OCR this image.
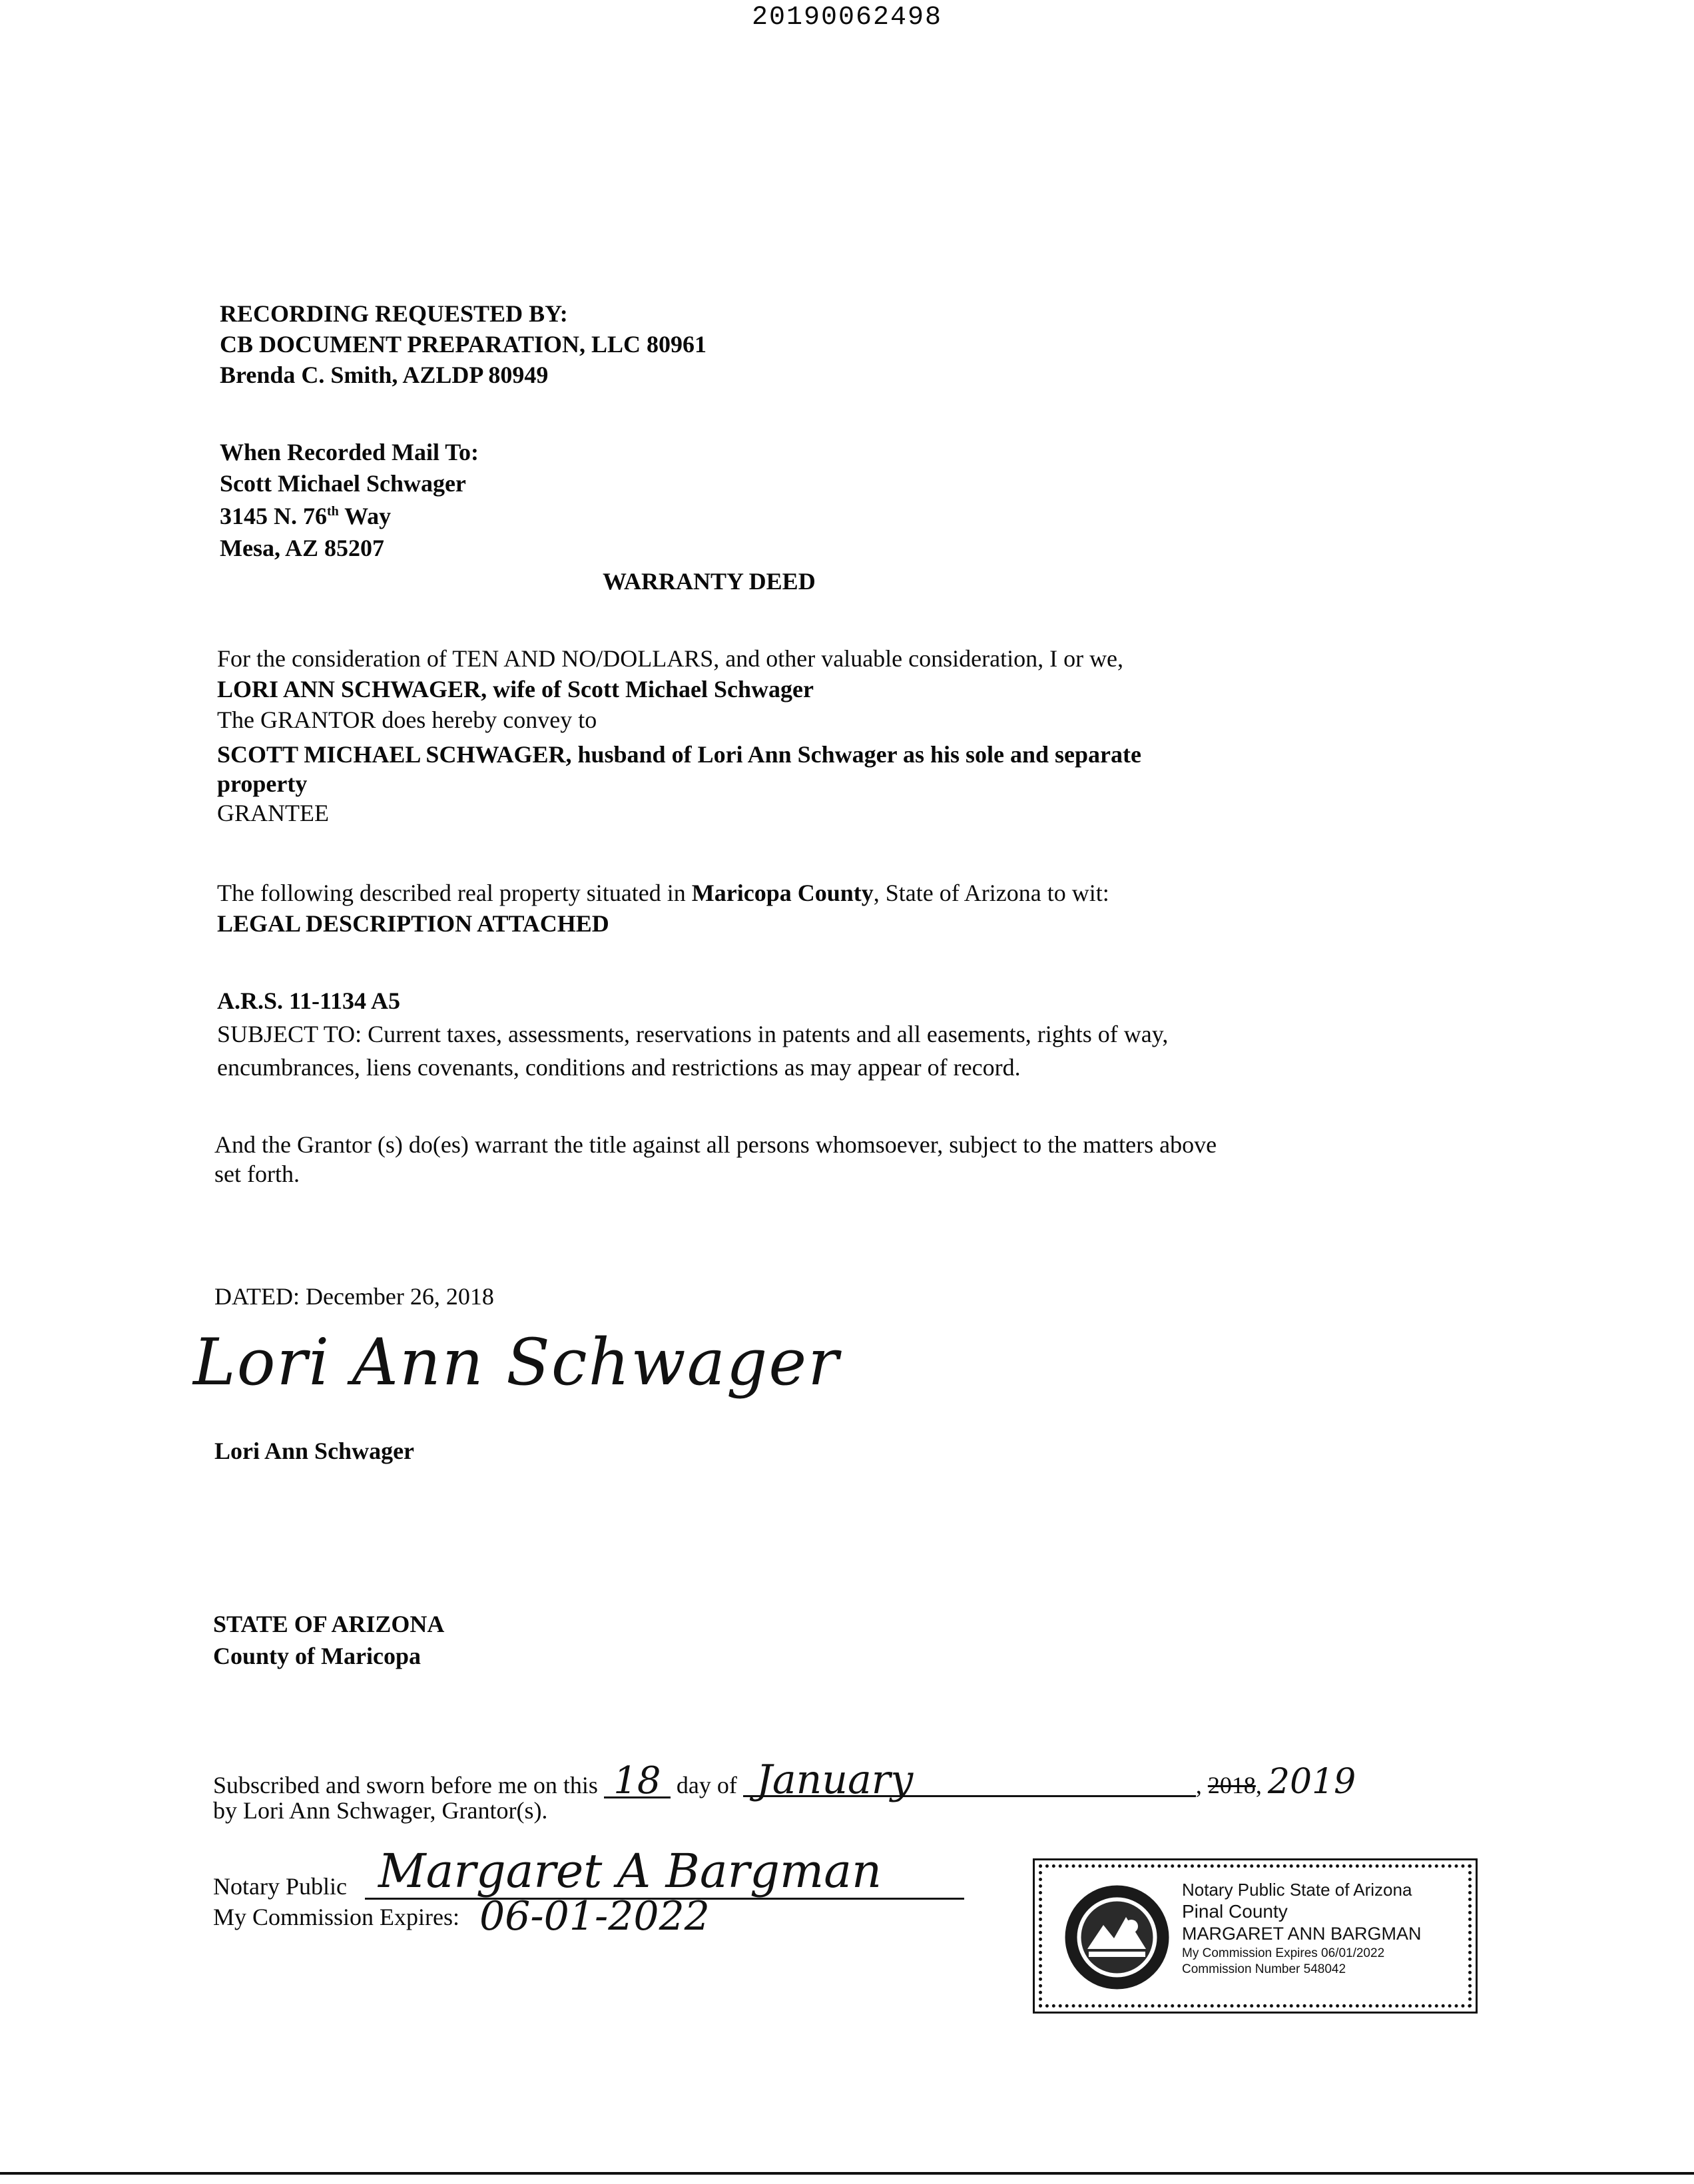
20190062498
RECORDING REQUESTED BY:
CB DOCUMENT PREPARATION, LLC 80961
Brenda C. Smith, AZLDP 80949
When Recorded Mail To:
Scott Michael Schwager
3145 N. 76th Way
Mesa, AZ 85207
WARRANTY DEED
For the consideration of TEN AND NO/DOLLARS, and other valuable consideration, I or we,
LORI ANN SCHWAGER, wife of Scott Michael Schwager
The GRANTOR does hereby convey to
SCOTT MICHAEL SCHWAGER, husband of Lori Ann Schwager as his sole and separate
property
GRANTEE
The following described real property situated in Maricopa County, State of Arizona to wit:
LEGAL DESCRIPTION ATTACHED
A.R.S. 11-1134 A5
SUBJECT TO: Current taxes, assessments, reservations in patents and all easements, rights of way,
encumbrances, liens covenants, conditions and restrictions as may appear of record.
And the Grantor (s) do(es) warrant the title against all persons whomsoever, subject to the matters above
set forth.
DATED: December 26, 2018
Lori Ann Schwager
Lori Ann Schwager
STATE OF ARIZONA
County of Maricopa
Subscribed and sworn before me on this 18 day of January	, 2018, 2019
by Lori Ann Schwager, Grantor(s).
Notary Public Margaret A Bargman
My Commission Expires: 06-01-2022
Notary Public State of Arizona
Pinal County
MARGARET ANN BARGMAN
My Commission Expires 06/01/2022
Commission Number 548042
